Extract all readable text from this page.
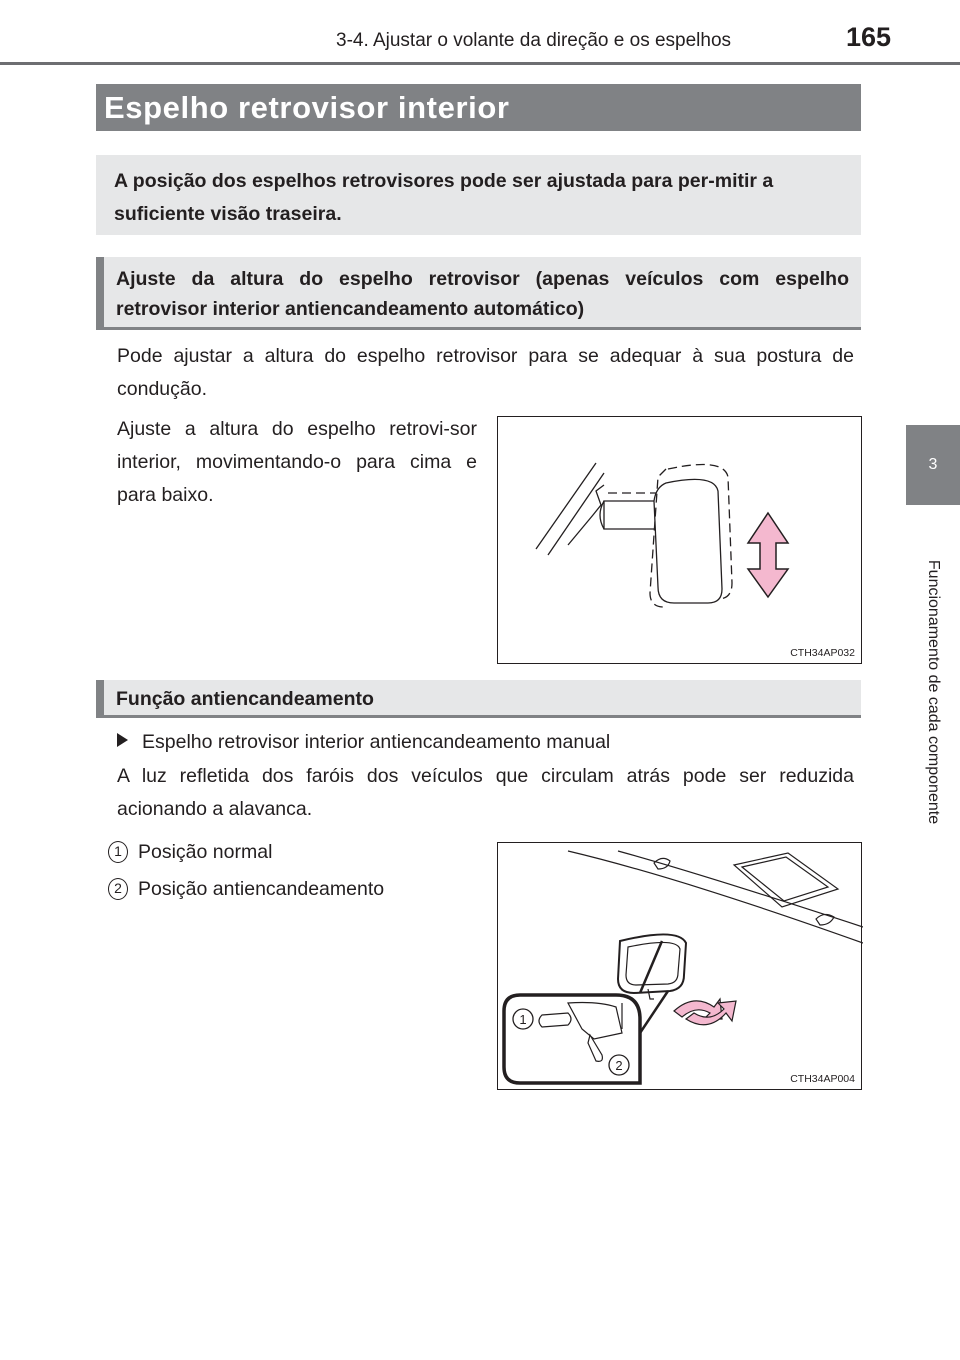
3-4. Ajustar o volante da direção e os espelhos	165
3
Funcionamento de cada componente
Espelho retrovisor interior
A posição dos espelhos retrovisores pode ser ajustada para per-mitir a suficiente visão traseira.
Ajuste da altura do espelho retrovisor (apenas veículos com espelho retrovisor interior antiencandeamento automático)

Pode ajustar a altura do espelho retrovisor para se adequar à sua postura de condução.

Ajuste a altura do espelho retrovi-sor interior, movimentando-o para cima e para baixo.

CTH34AP032
Função antiencandeamento
Espelho retrovisor interior antiencandeamento manual

A luz refletida dos faróis dos veículos que circulam atrás pode ser reduzida acionando a alavanca.

1 Posição normal
2 Posição antiencandeamento
1
2
CTH34AP004
